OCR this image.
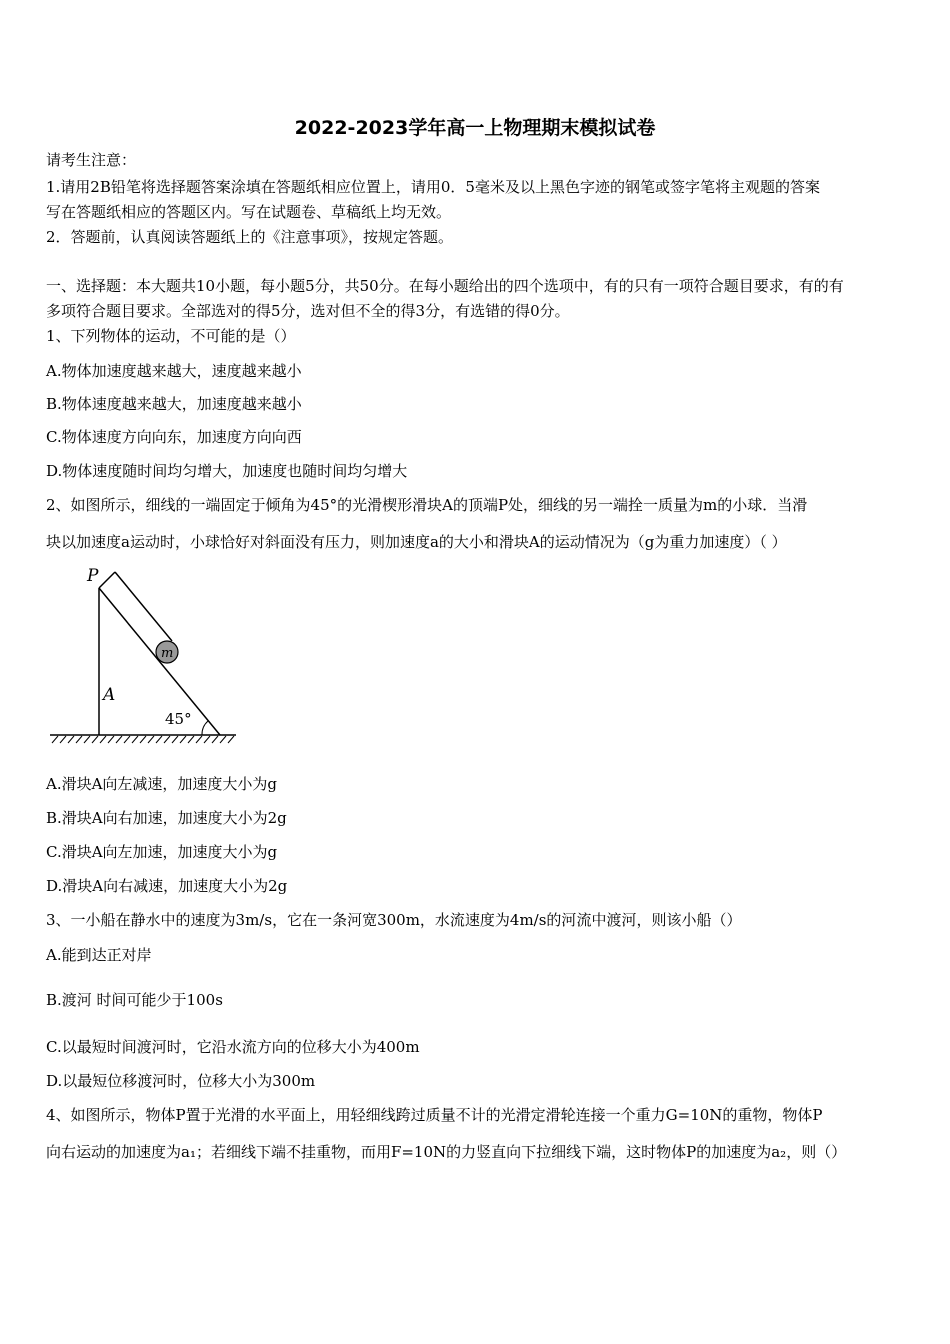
2022-2023学年高一上物理期末模拟试卷
请考生注意：
1.请用2B铅笔将选择题答案涂填在答题纸相应位置上，请用0．5毫米及以上黑色字迹的钢笔或签字笔将主观题的答案
写在答题纸相应的答题区内。写在试题卷、草稿纸上均无效。
2．答题前，认真阅读答题纸上的《注意事项》，按规定答题。
一、选择题：本大题共10小题，每小题5分，共50分。在每小题给出的四个选项中，有的只有一项符合题目要求，有的有
多项符合题目要求。全部选对的得5分，选对但不全的得3分，有选错的得0分。
1、下列物体的运动，不可能的是（）
A.物体加速度越来越大，速度越来越小
B.物体速度越来越大，加速度越来越小
C.物体速度方向向东，加速度方向向西
D.物体速度随时间均匀增大，加速度也随时间均匀增大
2、如图所示，细线的一端固定于倾角为45°的光滑楔形滑块A的顶端P处，细线的另一端拴一质量为m的小球．当滑
块以加速度a运动时，小球恰好对斜面没有压力，则加速度a的大小和滑块A的运动情况为（g为重力加速度）（ ）
P
m
A
45°
A.滑块A向左减速，加速度大小为g
B.滑块A向右加速，加速度大小为2g
C.滑块A向左加速，加速度大小为g
D.滑块A向右减速，加速度大小为2g
3、一小船在静水中的速度为3m/s，它在一条河宽300m，水流速度为4m/s的河流中渡河，则该小船（）
A.能到达正对岸
B.渡河 时间可能少于100s
C.以最短时间渡河时，它沿水流方向的位移大小为400m
D.以最短位移渡河时，位移大小为300m
4、如图所示，物体P置于光滑的水平面上，用轻细线跨过质量不计的光滑定滑轮连接一个重力G=10N的重物，物体P
向右运动的加速度为a₁；若细线下端不挂重物，而用F=10N的力竖直向下拉细线下端，这时物体P的加速度为a₂，则（）
